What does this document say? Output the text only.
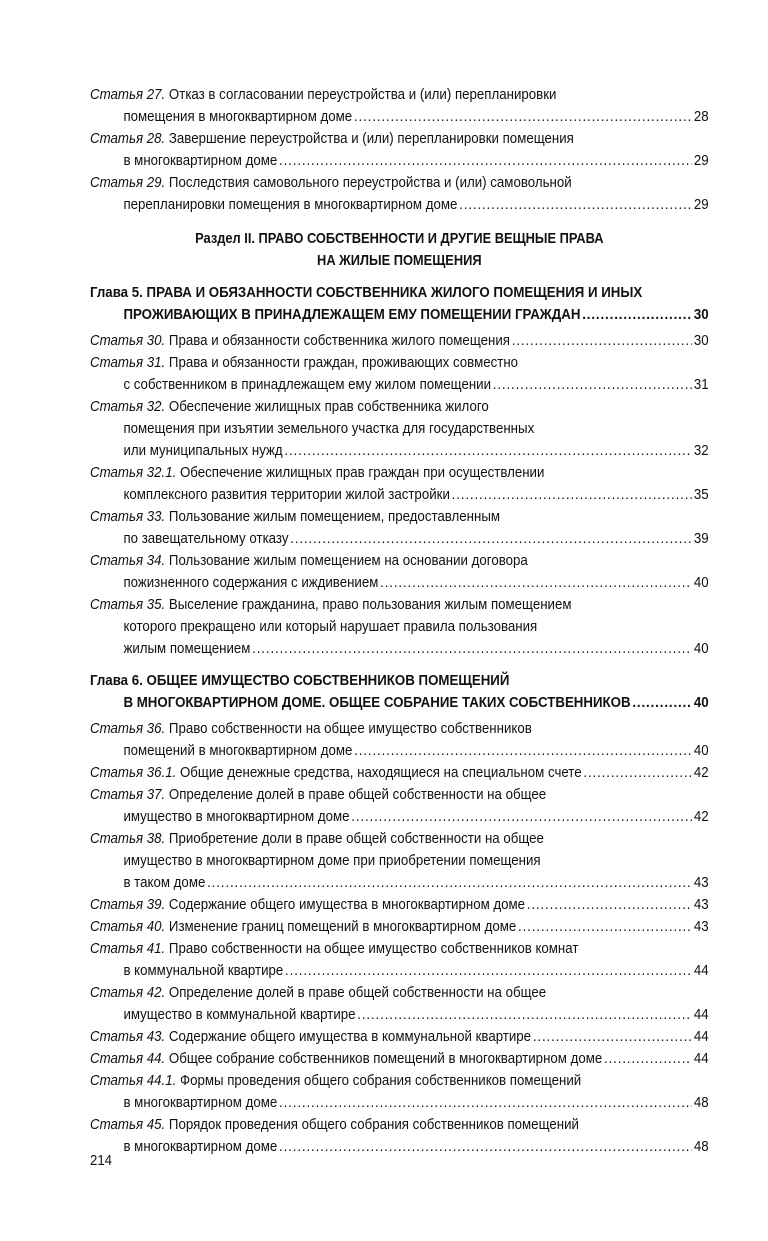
Статья 27. Отказ в согласовании переустройства и (или) перепланировки
помещения в многоквартирном доме .....	28
Статья 28. Завершение переустройства и (или) перепланировки помещения
в многоквартирном доме .....	29
Статья 29. Последствия самовольного переустройства и (или) самовольной
перепланировки помещения в многоквартирном доме .....	29
Раздел II. ПРАВО СОБСТВЕННОСТИ И ДРУГИЕ ВЕЩНЫЕ ПРАВА
НА ЖИЛЫЕ ПОМЕЩЕНИЯ
Глава 5. ПРАВА И ОБЯЗАННОСТИ СОБСТВЕННИКА ЖИЛОГО ПОМЕЩЕНИЯ И ИНЫХ
ПРОЖИВАЮЩИХ В ПРИНАДЛЕЖАЩЕМ ЕМУ ПОМЕЩЕНИИ ГРАЖДАН .....	30
Статья 30. Права и обязанности собственника жилого помещения .....	30
Статья 31. Права и обязанности граждан, проживающих совместно
с собственником в принадлежащем ему жилом помещении .....	31
Статья 32. Обеспечение жилищных прав собственника жилого
помещения при изъятии земельного участка для государственных
или муниципальных нужд .....	32
Статья 32.1. Обеспечение жилищных прав граждан при осуществлении
комплексного развития территории жилой застройки .....	35
Статья 33. Пользование жилым помещением, предоставленным
по завещательному отказу .....	39
Статья 34. Пользование жилым помещением на основании договора
пожизненного содержания с иждивением .....	40
Статья 35. Выселение гражданина, право пользования жилым помещением
которого прекращено или который нарушает правила пользования
жилым помещением .....	40
Глава 6. ОБЩЕЕ ИМУЩЕСТВО СОБСТВЕННИКОВ ПОМЕЩЕНИЙ
В МНОГОКВАРТИРНОМ ДОМЕ. ОБЩЕЕ СОБРАНИЕ ТАКИХ СОБСТВЕННИКОВ .....	40
Статья 36. Право собственности на общее имущество собственников
помещений в многоквартирном доме .....	40
Статья 36.1. Общие денежные средства, находящиеся на специальном счете .....	42
Статья 37. Определение долей в праве общей собственности на общее
имущество в многоквартирном доме .....	42
Статья 38. Приобретение доли в праве общей собственности на общее
имущество в многоквартирном доме при приобретении помещения
в таком доме .....	43
Статья 39. Содержание общего имущества в многоквартирном доме .....	43
Статья 40. Изменение границ помещений в многоквартирном доме .....	43
Статья 41. Право собственности на общее имущество собственников комнат
в коммунальной квартире .....	44
Статья 42. Определение долей в праве общей собственности на общее
имущество в коммунальной квартире .....	44
Статья 43. Содержание общего имущества в коммунальной квартире .....	44
Статья 44. Общее собрание собственников помещений в многоквартирном доме .....	44
Статья 44.1. Формы проведения общего собрания собственников помещений
в многоквартирном доме .....	48
Статья 45. Порядок проведения общего собрания собственников помещений
в многоквартирном доме .....	48
214
